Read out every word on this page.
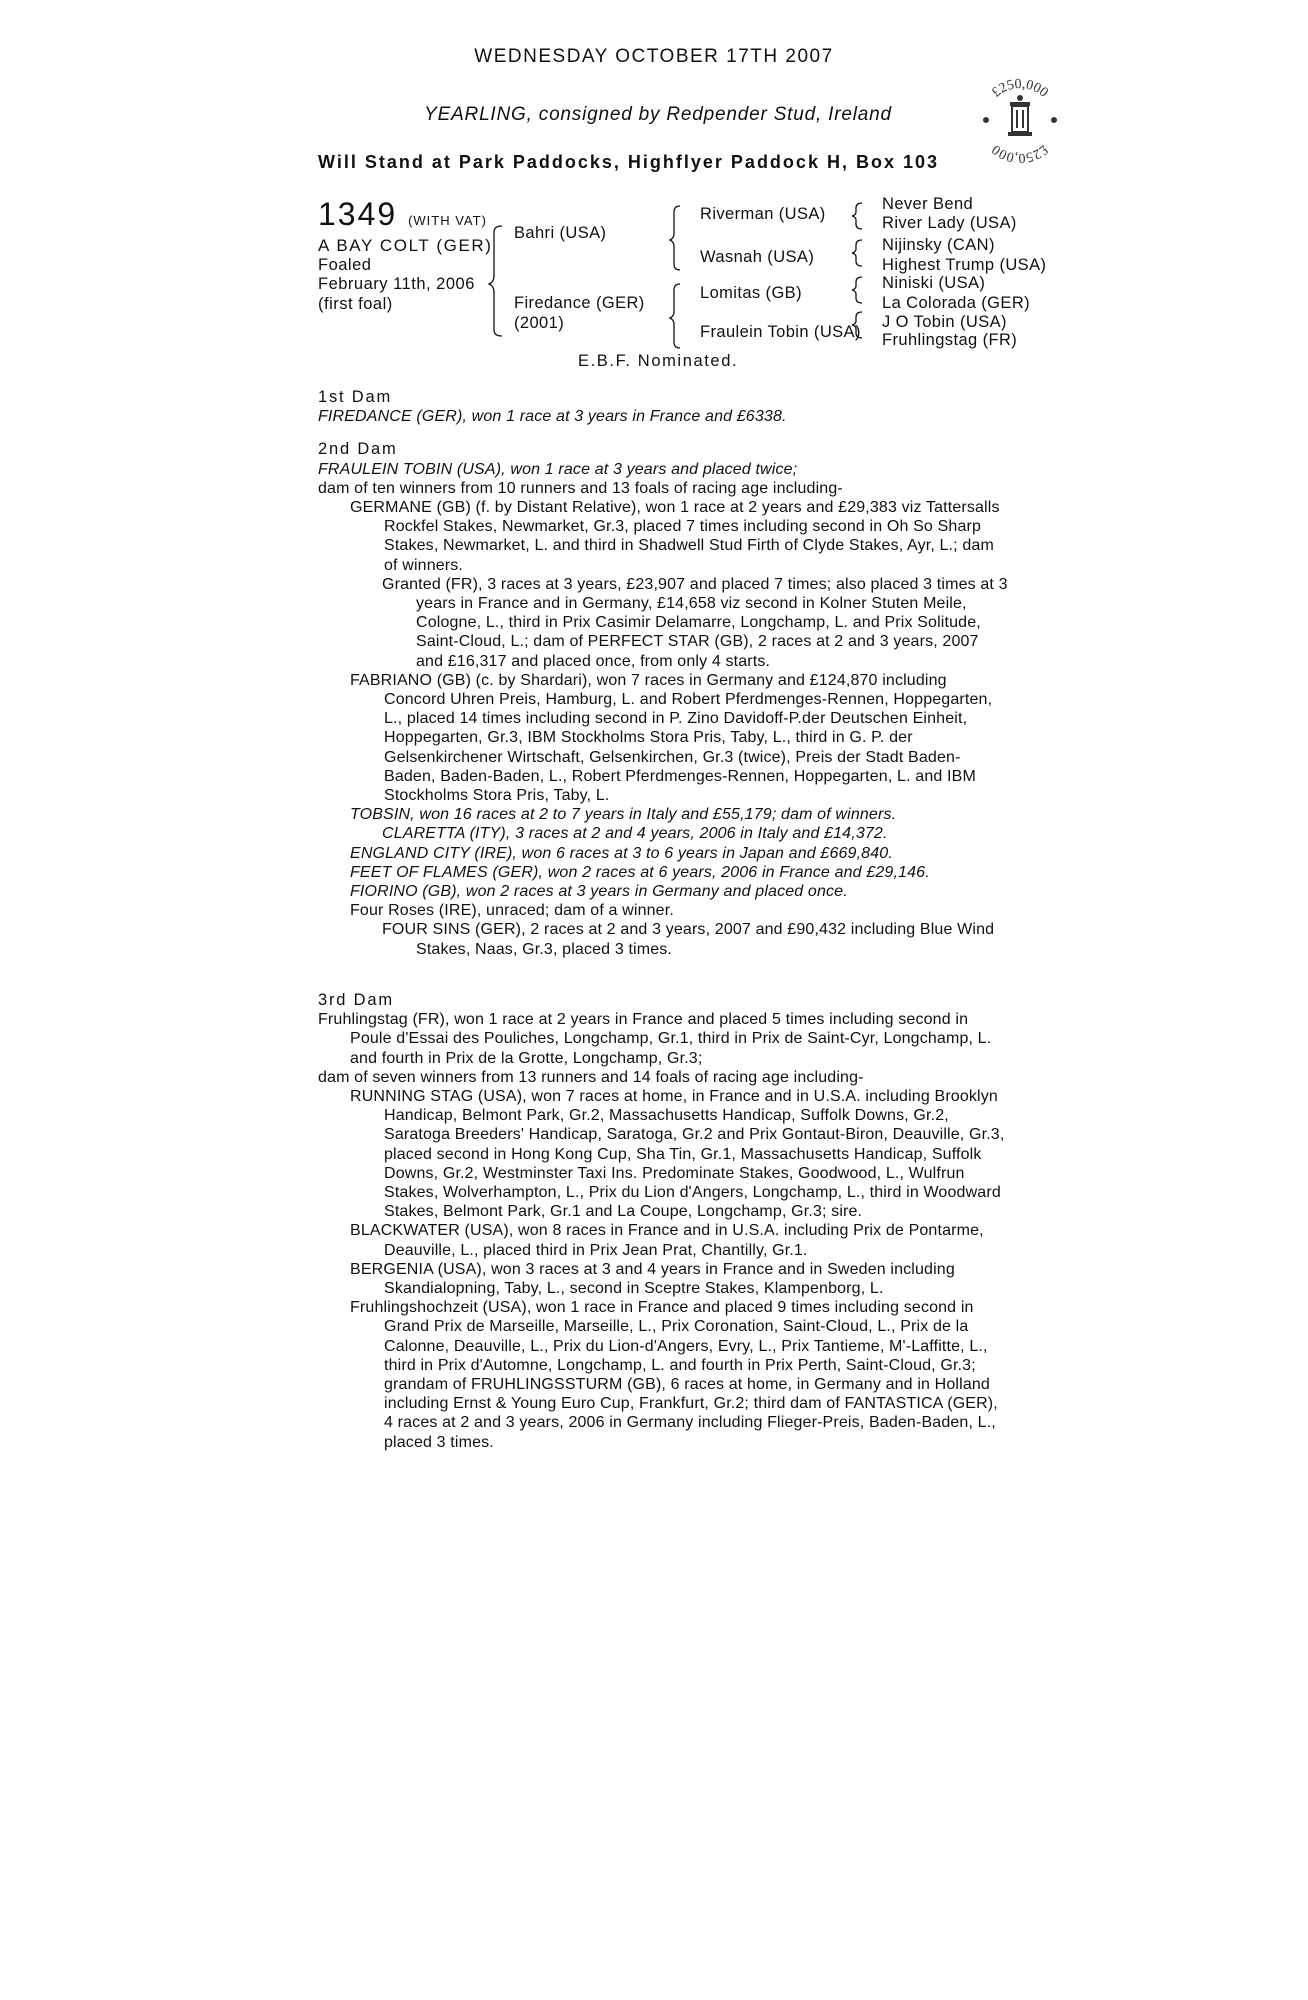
WEDNESDAY OCTOBER 17TH 2007
YEARLING, consigned by Redpender Stud, Ireland
Will Stand at Park Paddocks, Highflyer Paddock H, Box 103
£250,000
£250,000
1349 (WITH VAT)
A BAY COLT (GER)
Foaled
February 11th, 2006
(first foal)
Bahri (USA)
Firedance (GER)
(2001)
Riverman (USA)
Wasnah (USA)
Lomitas (GB)
Fraulein Tobin (USA)
Never Bend
River Lady (USA)
Nijinsky (CAN)
Highest Trump (USA)
Niniski (USA)
La Colorada (GER)
J O Tobin (USA)
Fruhlingstag (FR)
E.B.F. Nominated.
1st Dam
FIREDANCE (GER), won 1 race at 3 years in France and £6338.
2nd Dam
FRAULEIN TOBIN (USA), won 1 race at 3 years and placed twice;
dam of ten winners from 10 runners and 13 foals of racing age including-
GERMANE (GB) (f. by Distant Relative), won 1 race at 2 years and £29,383 viz Tattersalls Rockfel Stakes, Newmarket, Gr.3, placed 7 times including second in Oh So Sharp Stakes, Newmarket, L. and third in Shadwell Stud Firth of Clyde Stakes, Ayr, L.; dam of winners.
Granted (FR), 3 races at 3 years, £23,907 and placed 7 times; also placed 3 times at 3 years in France and in Germany, £14,658 viz second in Kolner Stuten Meile, Cologne, L., third in Prix Casimir Delamarre, Longchamp, L. and Prix Solitude, Saint-Cloud, L.; dam of PERFECT STAR (GB), 2 races at 2 and 3 years, 2007 and £16,317 and placed once, from only 4 starts.
FABRIANO (GB) (c. by Shardari), won 7 races in Germany and £124,870 including Concord Uhren Preis, Hamburg, L. and Robert Pferdmenges-Rennen, Hoppegarten, L., placed 14 times including second in P. Zino Davidoff-P.der Deutschen Einheit, Hoppegarten, Gr.3, IBM Stockholms Stora Pris, Taby, L., third in G. P. der Gelsenkirchener Wirtschaft, Gelsenkirchen, Gr.3 (twice), Preis der Stadt Baden-Baden, Baden-Baden, L., Robert Pferdmenges-Rennen, Hoppegarten, L. and IBM Stockholms Stora Pris, Taby, L.
TOBSIN, won 16 races at 2 to 7 years in Italy and £55,179; dam of winners.
CLARETTA (ITY), 3 races at 2 and 4 years, 2006 in Italy and £14,372.
ENGLAND CITY (IRE), won 6 races at 3 to 6 years in Japan and £669,840.
FEET OF FLAMES (GER), won 2 races at 6 years, 2006 in France and £29,146.
FIORINO (GB), won 2 races at 3 years in Germany and placed once.
Four Roses (IRE), unraced; dam of a winner.
FOUR SINS (GER), 2 races at 2 and 3 years, 2007 and £90,432 including Blue Wind Stakes, Naas, Gr.3, placed 3 times.
3rd Dam
Fruhlingstag (FR), won 1 race at 2 years in France and placed 5 times including second in Poule d'Essai des Pouliches, Longchamp, Gr.1, third in Prix de Saint-Cyr, Longchamp, L. and fourth in Prix de la Grotte, Longchamp, Gr.3;
dam of seven winners from 13 runners and 14 foals of racing age including-
RUNNING STAG (USA), won 7 races at home, in France and in U.S.A. including Brooklyn Handicap, Belmont Park, Gr.2, Massachusetts Handicap, Suffolk Downs, Gr.2, Saratoga Breeders' Handicap, Saratoga, Gr.2 and Prix Gontaut-Biron, Deauville, Gr.3, placed second in Hong Kong Cup, Sha Tin, Gr.1, Massachusetts Handicap, Suffolk Downs, Gr.2, Westminster Taxi Ins. Predominate Stakes, Goodwood, L., Wulfrun Stakes, Wolverhampton, L., Prix du Lion d'Angers, Longchamp, L., third in Woodward Stakes, Belmont Park, Gr.1 and La Coupe, Longchamp, Gr.3; sire.
BLACKWATER (USA), won 8 races in France and in U.S.A. including Prix de Pontarme, Deauville, L., placed third in Prix Jean Prat, Chantilly, Gr.1.
BERGENIA (USA), won 3 races at 3 and 4 years in France and in Sweden including Skandialopning, Taby, L., second in Sceptre Stakes, Klampenborg, L.
Fruhlingshochzeit (USA), won 1 race in France and placed 9 times including second in Grand Prix de Marseille, Marseille, L., Prix Coronation, Saint-Cloud, L., Prix de la Calonne, Deauville, L., Prix du Lion-d'Angers, Evry, L., Prix Tantieme, M'-Laffitte, L., third in Prix d'Automne, Longchamp, L. and fourth in Prix Perth, Saint-Cloud, Gr.3; grandam of FRUHLINGSSTURM (GB), 6 races at home, in Germany and in Holland including Ernst & Young Euro Cup, Frankfurt, Gr.2; third dam of FANTASTICA (GER), 4 races at 2 and 3 years, 2006 in Germany including Flieger-Preis, Baden-Baden, L., placed 3 times.
